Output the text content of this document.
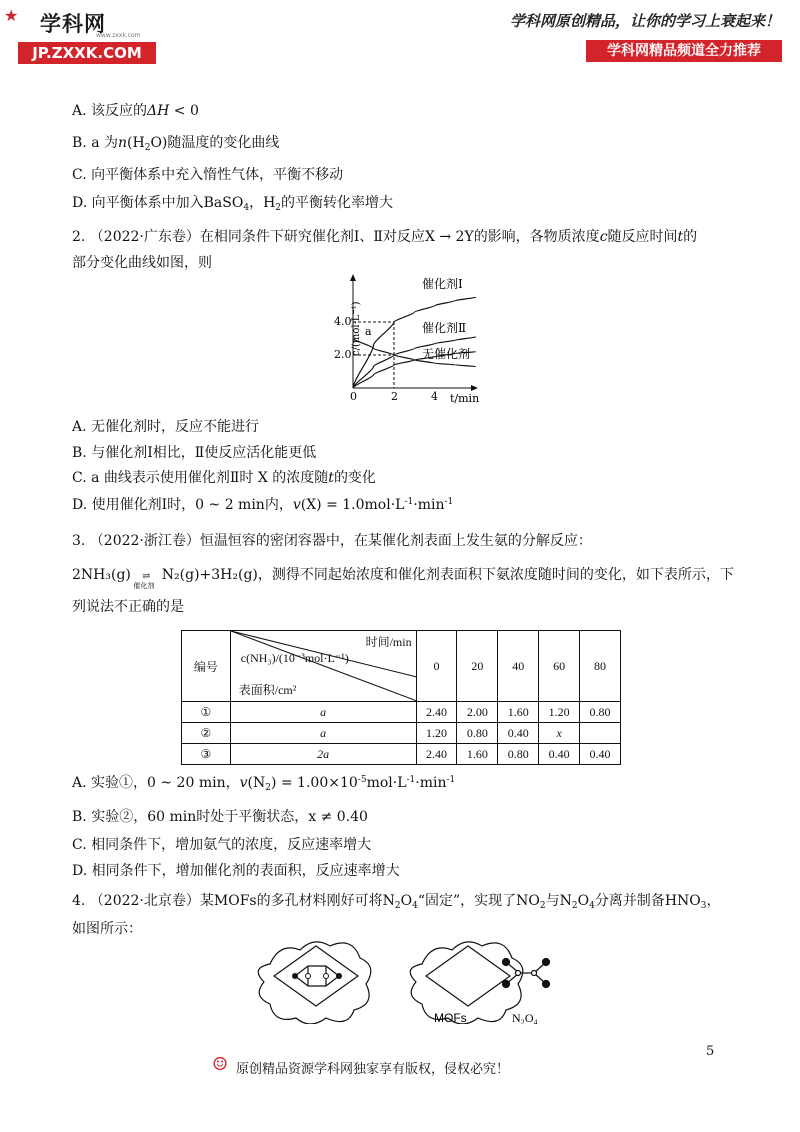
★ 学科网
www.zxxk.com
JP.ZXXK.COM
学科网原创精品，让你的学习上衰起来！
学科网精品频道全力推荐
A. 该反应的ΔH < 0
B. a 为$n(H_2O)$随温度的变化曲线
C. 向平衡体系中充入惰性气体，平衡不移动
D. 向平衡体系中加入BaSO$_4$，$H_2$的平衡转化率增大
2. （2022·广东卷）在相同条件下研究催化剂Ⅰ、Ⅱ对反应X → 2Y的影响，各物质浓度c随反应时间t的
部分变化曲线如图，则
c/(mol·L⁻¹)
4.0
2.0
0	2	4 t/min
催化剂Ⅰ
催化剂Ⅱ
无催化剂
a
A. 无催化剂时，反应不能进行
B. 与催化剂Ⅰ相比，Ⅱ使反应活化能更低
C. a 曲线表示使用催化剂Ⅱ时 X 的浓度随t的变化
D. 使用催化剂Ⅰ时，0 ~ 2 min内，$v(X) = 1.0mol\cdot L^{-1}\cdot\min^{-1}$
3. （2022·浙江卷）恒温恒容的密闭容器中，在某催化剂表面上发生氨的分解反应：
2NH₃(g) ⇌
催化剂
N₂(g)+3H₂(g)，测得不同起始浓度和催化剂表面积下氨浓度随时间的变化，如下表所示，下
列说法不正确的是
编号	时间/min
c(NH₃)/(10⁻³mol·L⁻¹)
表面积/cm²	0	20	40	60	80
①	a	2.40	2.00	1.60	1.20	0.80
②	a	1.20	0.80	0.40	x	
③	2a	2.40	1.60	0.80	0.40	0.40
A. 实验①，0 ~ 20 min，$v(N_2) = 1.00\times 10^{-5}mol\cdot L^{-1}\cdot\min^{-1}$
B. 实验②，60 min时处于平衡状态，x ≠ 0.40
C. 相同条件下，增加氨气的浓度，反应速率增大
D. 相同条件下，增加催化剂的表面积，反应速率增大
4. （2022·北京卷）某MOFs的多孔材料刚好可将$N_2O_4“$固定”，实现了$NO_2$与$N_2O_4$分离并制备$HNO_3$，
如图所示：
MOFs	N₂O₄
☺ 原创精品资源学科网独家享有版权，侵权必究！
5
